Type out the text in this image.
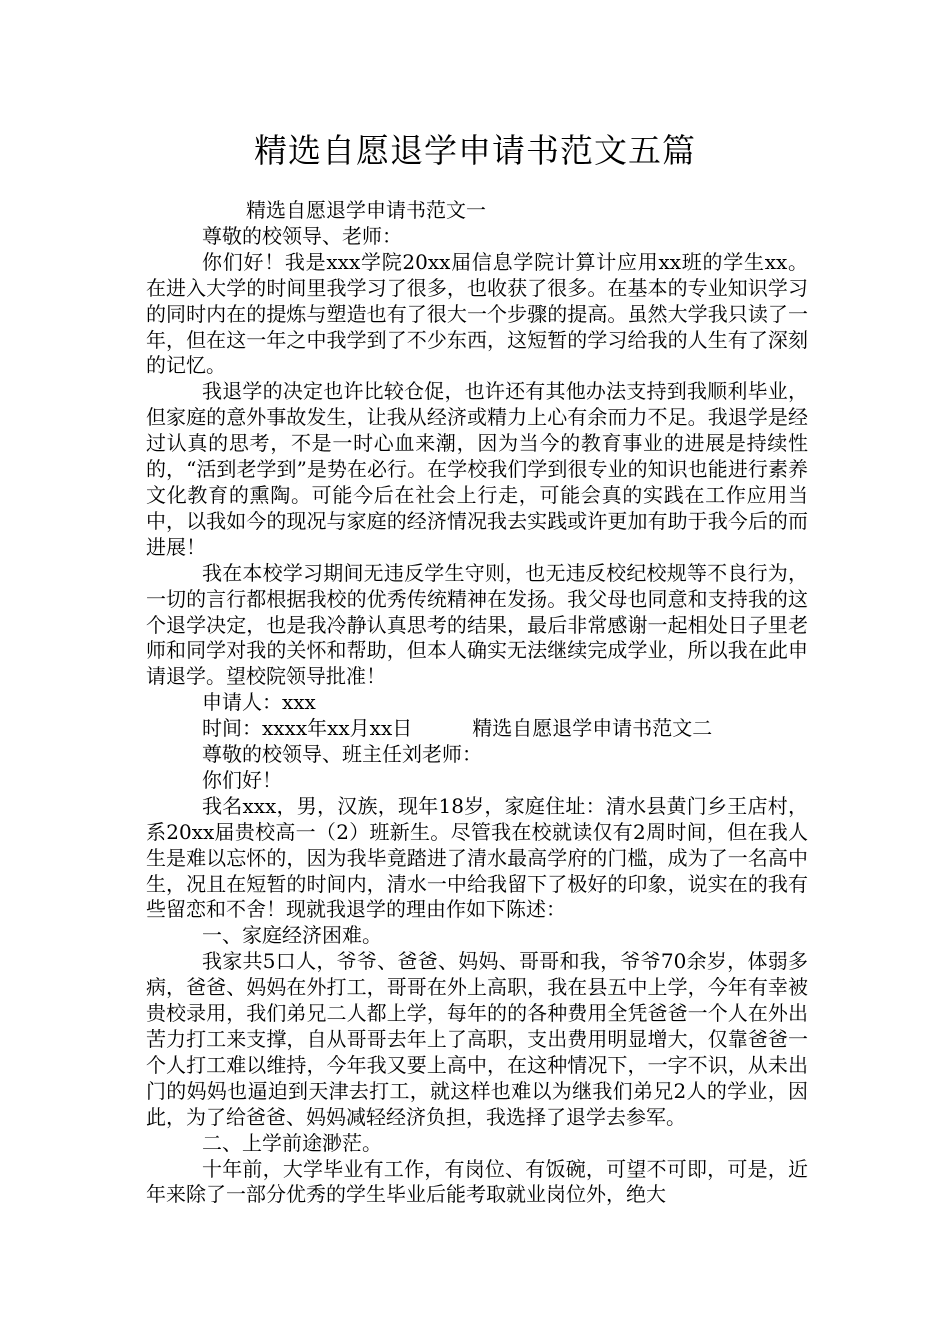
精选自愿退学申请书范文五篇

精选自愿退学申请书范文一

尊敬的校领导、老师：

你们好！我是xxx学院20xx届信息学院计算计应用xx班的学生xx。在进入大学的时间里我学习了很多，也收获了很多。在基本的专业知识学习的同时内在的提炼与塑造也有了很大一个步骤的提高。虽然大学我只读了一年，但在这一年之中我学到了不少东西，这短暂的学习给我的人生有了深刻的记忆。

我退学的决定也许比较仓促，也许还有其他办法支持到我顺利毕业，但家庭的意外事故发生，让我从经济或精力上心有余而力不足。我退学是经过认真的思考，不是一时心血来潮，因为当今的教育事业的进展是持续性的，“活到老学到”是势在必行。在学校我们学到很专业的知识也能进行素养文化教育的熏陶。可能今后在社会上行走，可能会真的实践在工作应用当中，以我如今的现况与家庭的经济情况我去实践或许更加有助于我今后的而进展！

我在本校学习期间无违反学生守则，也无违反校纪校规等不良行为，一切的言行都根据我校的优秀传统精神在发扬。我父母也同意和支持我的这个退学决定，也是我冷静认真思考的结果，最后非常感谢一起相处日子里老师和同学对我的关怀和帮助，但本人确实无法继续完成学业，所以我在此申请退学。望校院领导批准！

申请人：xxx

时间：xxxx年xx月xx日	精选自愿退学申请书范文二

尊敬的校领导、班主任刘老师：

你们好！

我名xxx，男，汉族，现年18岁，家庭住址：清水县黄门乡王店村，系20xx届贵校高一（2）班新生。尽管我在校就读仅有2周时间，但在我人生是难以忘怀的，因为我毕竟踏进了清水最高学府的门槛，成为了一名高中生，况且在短暂的时间内，清水一中给我留下了极好的印象，说实在的我有些留恋和不舍！现就我退学的理由作如下陈述：

一、家庭经济困难。

我家共5口人，爷爷、爸爸、妈妈、哥哥和我，爷爷70余岁，体弱多病，爸爸、妈妈在外打工，哥哥在外上高职，我在县五中上学，今年有幸被贵校录用，我们弟兄二人都上学，每年的的各种费用全凭爸爸一个人在外出苦力打工来支撑，自从哥哥去年上了高职，支出费用明显增大，仅靠爸爸一个人打工难以维持，今年我又要上高中，在这种情况下，一字不识，从未出门的妈妈也逼迫到天津去打工，就这样也难以为继我们弟兄2人的学业，因此，为了给爸爸、妈妈减轻经济负担，我选择了退学去参军。

二、上学前途渺茫。

十年前，大学毕业有工作，有岗位、有饭碗，可望不可即，可是，近年来除了一部分优秀的学生毕业后能考取就业岗位外，绝大
